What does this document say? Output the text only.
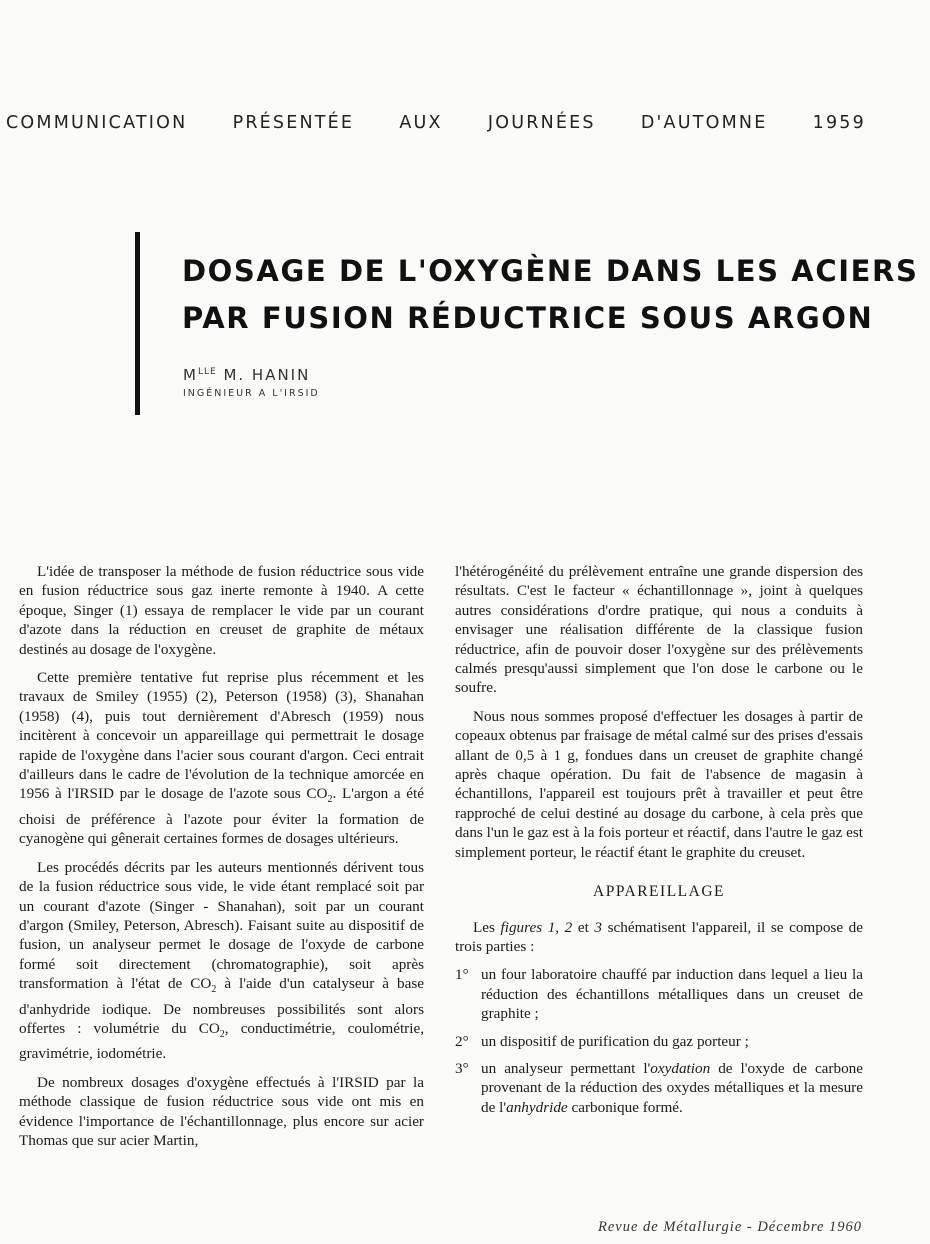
COMMUNICATION	PRÉSENTÉE	AUX	JOURNÉES	D'AUTOMNE	1959
DOSAGE DE L'OXYGÈNE DANS LES ACIERS
PAR FUSION RÉDUCTRICE SOUS ARGON
$M^{LLE}$ M. HANIN
INGÉNIEUR A L'IRSID

L'idée de transposer la méthode de fusion réductrice sous vide en fusion réductrice sous gaz inerte remonte à 1940. A cette époque, Singer (1) essaya de remplacer le vide par un courant d'azote dans la réduction en creuset de graphite de métaux destinés au dosage de l'oxygène.

Cette première tentative fut reprise plus récemment et les travaux de Smiley (1955) (2), Peterson (1958) (3), Shanahan (1958) (4), puis tout dernièrement d'Abresch (1959) nous incitèrent à concevoir un appareillage qui permettrait le dosage rapide de l'oxygène dans l'acier sous courant d'argon. Ceci entrait d'ailleurs dans le cadre de l'évolution de la technique amorcée en 1956 à l'IRSID par le dosage de l'azote sous $CO_2$. L'argon a été choisi de préférence à l'azote pour éviter la formation de cyanogène qui gênerait certaines formes de dosages ultérieurs.

Les procédés décrits par les auteurs mentionnés dérivent tous de la fusion réductrice sous vide, le vide étant remplacé soit par un courant d'azote (Singer - Shanahan), soit par un courant d'argon (Smiley, Peterson, Abresch). Faisant suite au dispositif de fusion, un analyseur permet le dosage de l'oxyde de carbone formé soit directement (chromatographie), soit après transformation à l'état de $CO_2$ à l'aide d'un catalyseur à base d'anhydride iodique. De nombreuses possibilités sont alors offertes : volumétrie du $CO_2$, conductimétrie, coulométrie, gravimétrie, iodométrie.

De nombreux dosages d'oxygène effectués à l'IRSID par la méthode classique de fusion réductrice sous vide ont mis en évidence l'importance de l'échantillonnage, plus encore sur acier Thomas que sur acier Martin,

l'hétérogénéité du prélèvement entraîne une grande dispersion des résultats. C'est le facteur « échantillonnage », joint à quelques autres considérations d'ordre pratique, qui nous a conduits à envisager une réalisation différente de la classique fusion réductrice, afin de pouvoir doser l'oxygène sur des prélèvements calmés presqu'aussi simplement que l'on dose le carbone ou le soufre.

Nous nous sommes proposé d'effectuer les dosages à partir de copeaux obtenus par fraisage de métal calmé sur des prises d'essais allant de 0,5 à 1 g, fondues dans un creuset de graphite changé après chaque opération. Du fait de l'absence de magasin à échantillons, l'appareil est toujours prêt à travailler et peut être rapproché de celui destiné au dosage du carbone, à cela près que dans l'un le gaz est à la fois porteur et réactif, dans l'autre le gaz est simplement porteur, le réactif étant le graphite du creuset.

APPAREILLAGE

Les figures 1, 2 et 3 schématisent l'appareil, il se compose de trois parties :

1° un four laboratoire chauffé par induction dans lequel a lieu la réduction des échantillons métalliques dans un creuset de graphite ;
2° un dispositif de purification du gaz porteur ;
3° un analyseur permettant l'oxydation de l'oxyde de carbone provenant de la réduction des oxydes métalliques et la mesure de l'anhydride carbonique formé.
Revue de Métallurgie - Décembre 1960
